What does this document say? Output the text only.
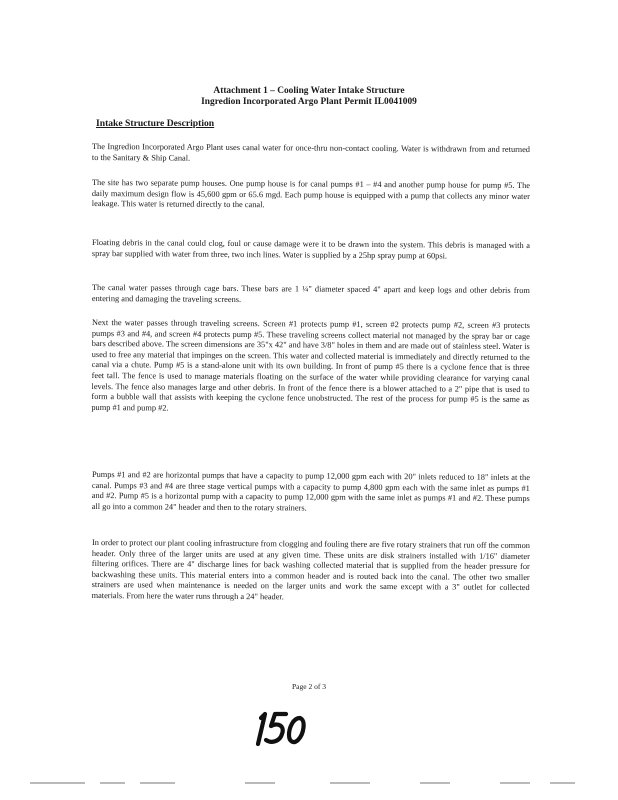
Attachment 1 – Cooling Water Intake Structure
Ingredion Incorporated Argo Plant Permit IL0041009
Intake Structure Description

The Ingredion Incorporated Argo Plant uses canal water for once-thru non-contact cooling. Water is withdrawn from and returned to the Sanitary & Ship Canal.

The site has two separate pump houses. One pump house is for canal pumps #1 – #4 and another pump house for pump #5. The daily maximum design flow is 45,600 gpm or 65.6 mgd. Each pump house is equipped with a pump that collects any minor water leakage. This water is returned directly to the canal.

Floating debris in the canal could clog, foul or cause damage were it to be drawn into the system. This debris is managed with a spray bar supplied with water from three, two inch lines. Water is supplied by a 25hp spray pump at 60psi.

The canal water passes through cage bars. These bars are 1 ¼" diameter spaced 4" apart and keep logs and other debris from entering and damaging the traveling screens.

Next the water passes through traveling screens. Screen #1 protects pump #1, screen #2 protects pump #2, screen #3 protects pumps #3 and #4, and screen #4 protects pump #5. These traveling screens collect material not managed by the spray bar or cage bars described above. The screen dimensions are 35"x 42" and have 3/8" holes in them and are made out of stainless steel. Water is used to free any material that impinges on the screen. This water and collected material is immediately and directly returned to the canal via a chute. Pump #5 is a stand-alone unit with its own building. In front of pump #5 there is a cyclone fence that is three feet tall. The fence is used to manage materials floating on the surface of the water while providing clearance for varying canal levels. The fence also manages large and other debris. In front of the fence there is a blower attached to a 2" pipe that is used to form a bubble wall that assists with keeping the cyclone fence unobstructed. The rest of the process for pump #5 is the same as pump #1 and pump #2.

Pumps #1 and #2 are horizontal pumps that have a capacity to pump 12,000 gpm each with 20" inlets reduced to 18" inlets at the canal. Pumps #3 and #4 are three stage vertical pumps with a capacity to pump 4,800 gpm each with the same inlet as pumps #1 and #2. Pump #5 is a horizontal pump with a capacity to pump 12,000 gpm with the same inlet as pumps #1 and #2. These pumps all go into a common 24" header and then to the rotary strainers.

In order to protect our plant cooling infrastructure from clogging and fouling there are five rotary strainers that run off the common header. Only three of the larger units are used at any given time. These units are disk strainers installed with 1/16" diameter filtering orifices. There are 4" discharge lines for back washing collected material that is supplied from the header pressure for backwashing these units. This material enters into a common header and is routed back into the canal. The other two smaller strainers are used when maintenance is needed on the larger units and work the same except with a 3" outlet for collected materials. From here the water runs through a 24" header.

Page 2 of 3
